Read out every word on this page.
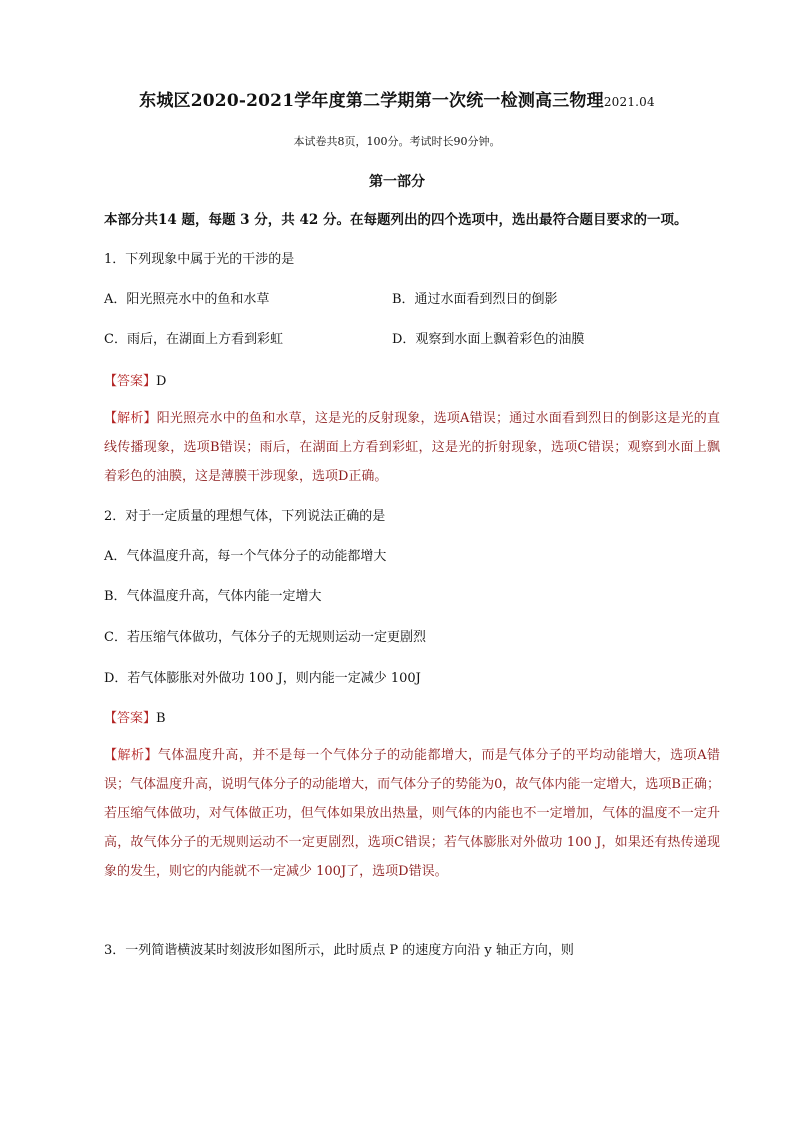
东城区2020-2021学年度第二学期第一次统一检测高三物理2021.04
本试卷共8页，100分。考试时长90分钟。
第一部分
本部分共14 题，每题 3 分，共 42 分。在每题列出的四个选项中，选出最符合题目要求的一项。
1．下列现象中属于光的干涉的是
A．阳光照亮水中的鱼和水草	B．通过水面看到烈日的倒影
C．雨后，在湖面上方看到彩虹	D．观察到水面上飘着彩色的油膜
【答案】D
【解析】阳光照亮水中的鱼和水草，这是光的反射现象，选项A错误；通过水面看到烈日的倒影这是光的直线传播现象，选项B错误；雨后，在湖面上方看到彩虹，这是光的折射现象，选项C错误；观察到水面上飘着彩色的油膜，这是薄膜干涉现象，选项D正确。
2．对于一定质量的理想气体，下列说法正确的是
A．气体温度升高，每一个气体分子的动能都增大
B．气体温度升高，气体内能一定增大
C．若压缩气体做功，气体分子的无规则运动一定更剧烈
D．若气体膨胀对外做功 100 J，则内能一定减少 100J
【答案】B
【解析】气体温度升高，并不是每一个气体分子的动能都增大，而是气体分子的平均动能增大，选项A错误；气体温度升高，说明气体分子的动能增大，而气体分子的势能为0，故气体内能一定增大，选项B正确；若压缩气体做功，对气体做正功，但气体如果放出热量，则气体的内能也不一定增加，气体的温度不一定升高，故气体分子的无规则运动不一定更剧烈，选项C错误；若气体膨胀对外做功 100 J，如果还有热传递现象的发生，则它的内能就不一定减少 100J了，选项D错误。
3．一列简谐横波某时刻波形如图所示，此时质点 P 的速度方向沿 y 轴正方向，则
